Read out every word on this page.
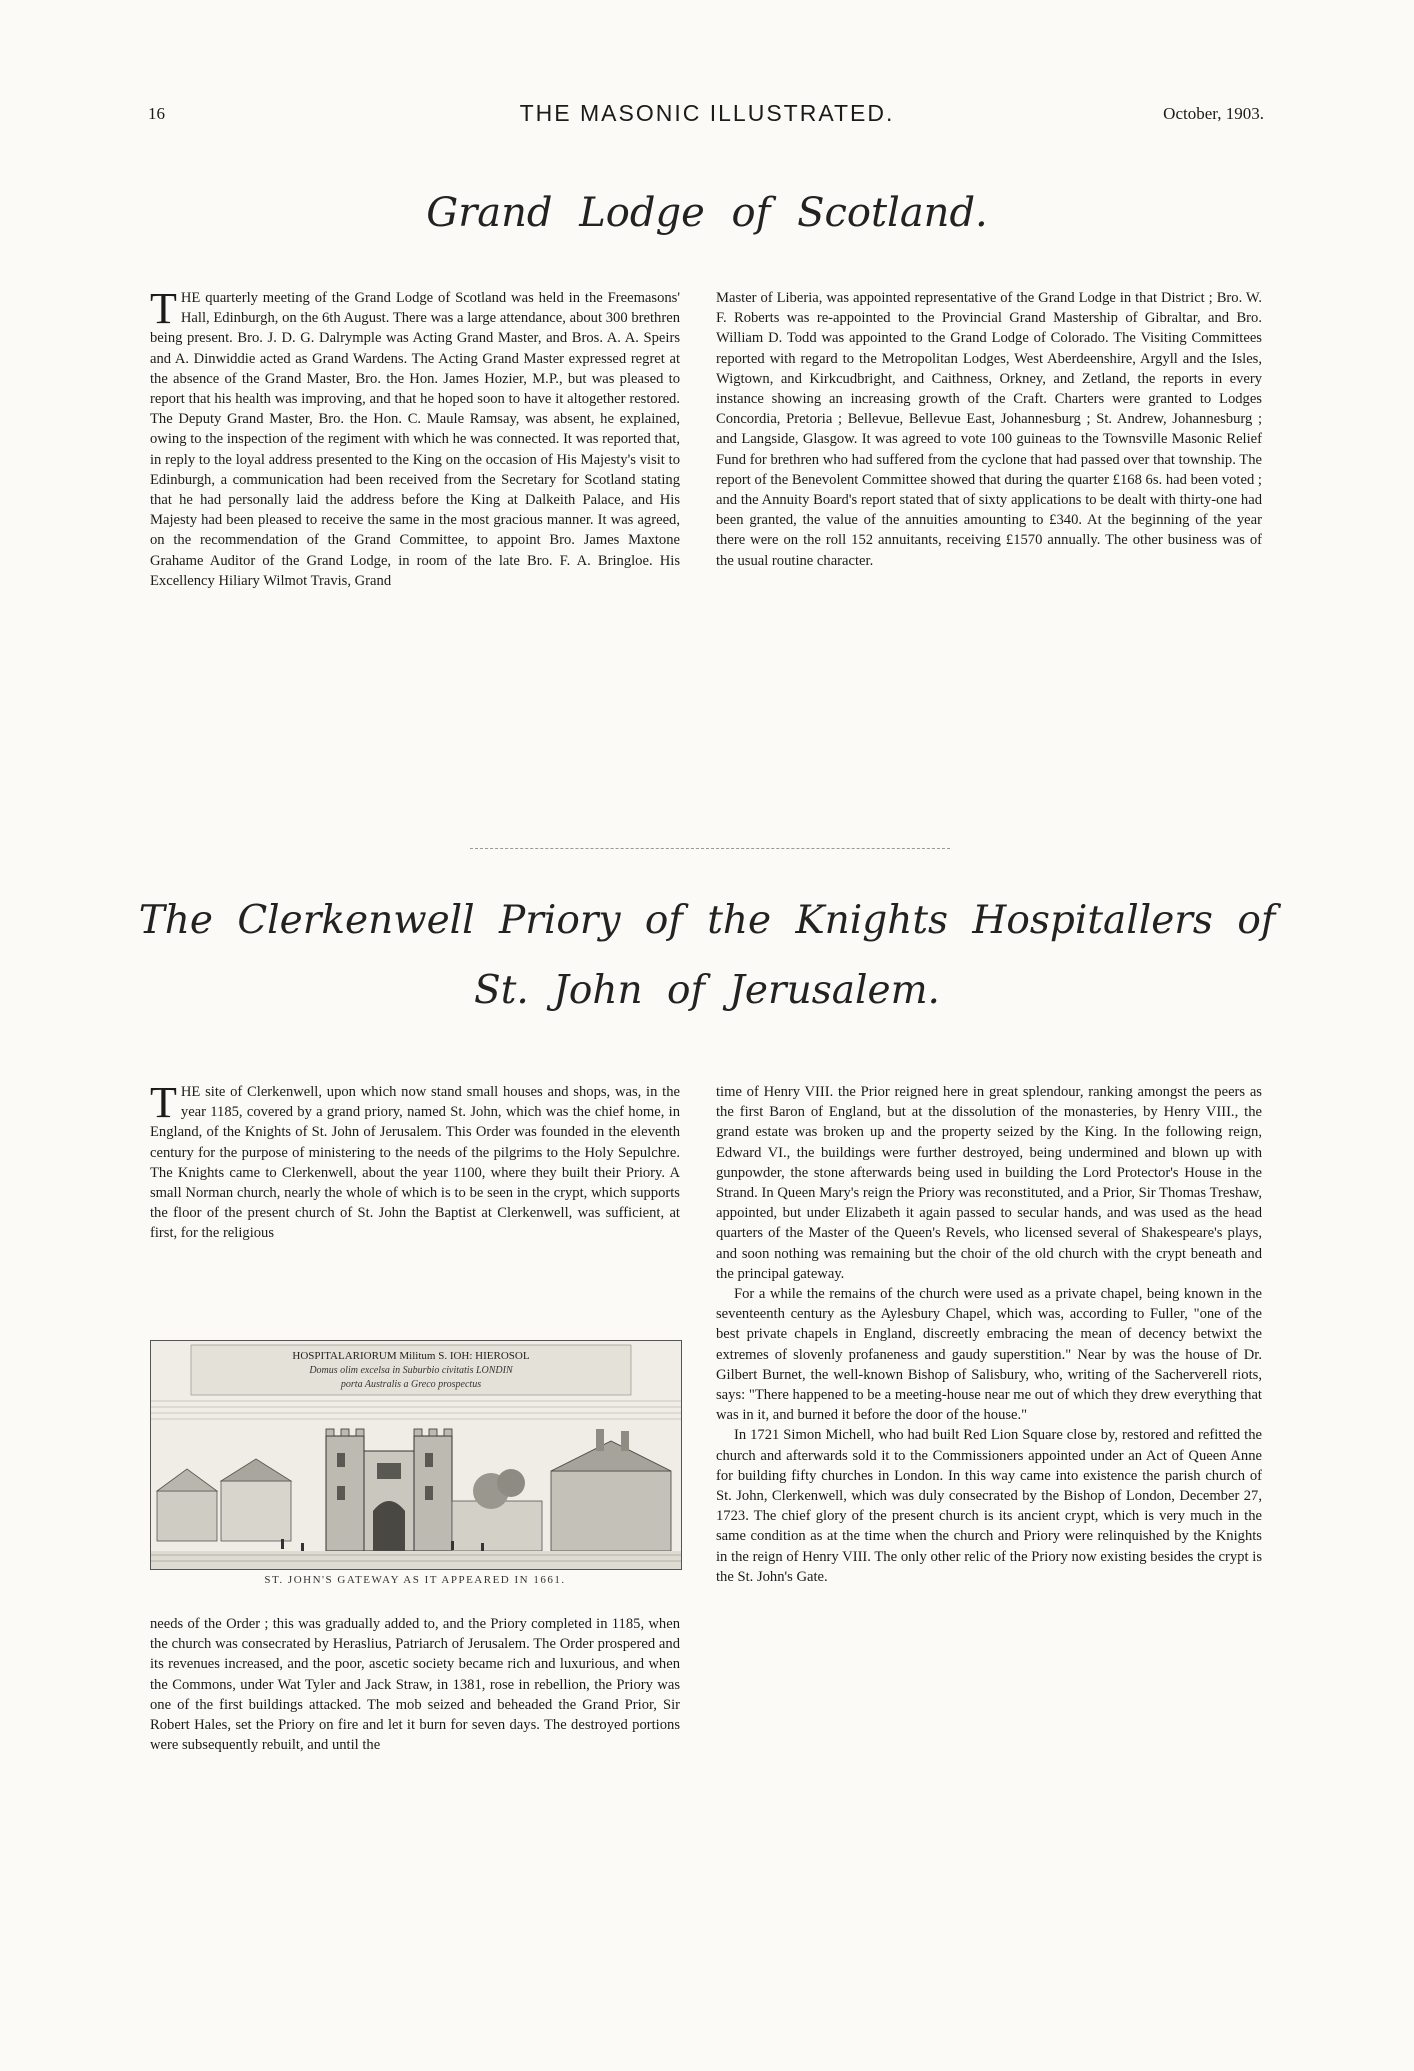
16	THE MASONIC ILLUSTRATED.	October, 1903.
Grand Lodge of Scotland.

THE quarterly meeting of the Grand Lodge of Scotland was held in the Freemasons' Hall, Edinburgh, on the 6th August. There was a large attendance, about 300 brethren being present. Bro. J. D. G. Dalrymple was Acting Grand Master, and Bros. A. A. Speirs and A. Dinwiddie acted as Grand Wardens. The Acting Grand Master expressed regret at the absence of the Grand Master, Bro. the Hon. James Hozier, M.P., but was pleased to report that his health was improving, and that he hoped soon to have it altogether restored. The Deputy Grand Master, Bro. the Hon. C. Maule Ramsay, was absent, he explained, owing to the inspection of the regiment with which he was connected. It was reported that, in reply to the loyal address presented to the King on the occasion of His Majesty's visit to Edinburgh, a communication had been received from the Secretary for Scotland stating that he had personally laid the address before the King at Dalkeith Palace, and His Majesty had been pleased to receive the same in the most gracious manner. It was agreed, on the recommendation of the Grand Committee, to appoint Bro. James Maxtone Grahame Auditor of the Grand Lodge, in room of the late Bro. F. A. Bringloe. His Excellency Hiliary Wilmot Travis, Grand

Master of Liberia, was appointed representative of the Grand Lodge in that District ; Bro. W. F. Roberts was re-appointed to the Provincial Grand Mastership of Gibraltar, and Bro. William D. Todd was appointed to the Grand Lodge of Colorado. The Visiting Committees reported with regard to the Metropolitan Lodges, West Aberdeenshire, Argyll and the Isles, Wigtown, and Kirkcudbright, and Caithness, Orkney, and Zetland, the reports in every instance showing an increasing growth of the Craft. Charters were granted to Lodges Concordia, Pretoria ; Bellevue, Bellevue East, Johannesburg ; St. Andrew, Johannesburg ; and Langside, Glasgow. It was agreed to vote 100 guineas to the Townsville Masonic Relief Fund for brethren who had suffered from the cyclone that had passed over that township. The report of the Benevolent Committee showed that during the quarter £168 6s. had been voted ; and the Annuity Board's report stated that of sixty applications to be dealt with thirty-one had been granted, the value of the annuities amounting to £340. At the beginning of the year there were on the roll 152 annuitants, receiving £1570 annually. The other business was of the usual routine character.

The Clerkenwell Priory of the Knights Hospitallers of
St. John of Jerusalem.

THE site of Clerkenwell, upon which now stand small houses and shops, was, in the year 1185, covered by a grand priory, named St. John, which was the chief home, in England, of the Knights of St. John of Jerusalem. This Order was founded in the eleventh century for the purpose of ministering to the needs of the pilgrims to the Holy Sepulchre. The Knights came to Clerkenwell, about the year 1100, where they built their Priory. A small Norman church, nearly the whole of which is to be seen in the crypt, which supports the floor of the present church of St. John the Baptist at Clerkenwell, was sufficient, at first, for the religious

HOSPITALARIORUM Militum S. IOH: HIEROSOL
Domus olim excelsa in Suburbio civitatis LONDIN
porta Australis a Greco prospectus
ST. JOHN'S GATEWAY AS IT APPEARED IN 1661.

needs of the Order ; this was gradually added to, and the Priory completed in 1185, when the church was consecrated by Heraslius, Patriarch of Jerusalem. The Order prospered and its revenues increased, and the poor, ascetic society became rich and luxurious, and when the Commons, under Wat Tyler and Jack Straw, in 1381, rose in rebellion, the Priory was one of the first buildings attacked. The mob seized and beheaded the Grand Prior, Sir Robert Hales, set the Priory on fire and let it burn for seven days. The destroyed portions were subsequently rebuilt, and until the

time of Henry VIII. the Prior reigned here in great splendour, ranking amongst the peers as the first Baron of England, but at the dissolution of the monasteries, by Henry VIII., the grand estate was broken up and the property seized by the King. In the following reign, Edward VI., the buildings were further destroyed, being undermined and blown up with gunpowder, the stone afterwards being used in building the Lord Protector's House in the Strand. In Queen Mary's reign the Priory was reconstituted, and a Prior, Sir Thomas Treshaw, appointed, but under Elizabeth it again passed to secular hands, and was used as the head quarters of the Master of the Queen's Revels, who licensed several of Shakespeare's plays, and soon nothing was remaining but the choir of the old church with the crypt beneath and the principal gateway.

For a while the remains of the church were used as a private chapel, being known in the seventeenth century as the Aylesbury Chapel, which was, according to Fuller, "one of the best private chapels in England, discreetly embracing the mean of decency betwixt the extremes of slovenly profaneness and gaudy superstition." Near by was the house of Dr. Gilbert Burnet, the well-known Bishop of Salisbury, who, writing of the Sacherverell riots, says: "There happened to be a meeting-house near me out of which they drew everything that was in it, and burned it before the door of the house."

In 1721 Simon Michell, who had built Red Lion Square close by, restored and refitted the church and afterwards sold it to the Commissioners appointed under an Act of Queen Anne for building fifty churches in London. In this way came into existence the parish church of St. John, Clerkenwell, which was duly consecrated by the Bishop of London, December 27, 1723. The chief glory of the present church is its ancient crypt, which is very much in the same condition as at the time when the church and Priory were relinquished by the Knights in the reign of Henry VIII. The only other relic of the Priory now existing besides the crypt is the St. John's Gate.
